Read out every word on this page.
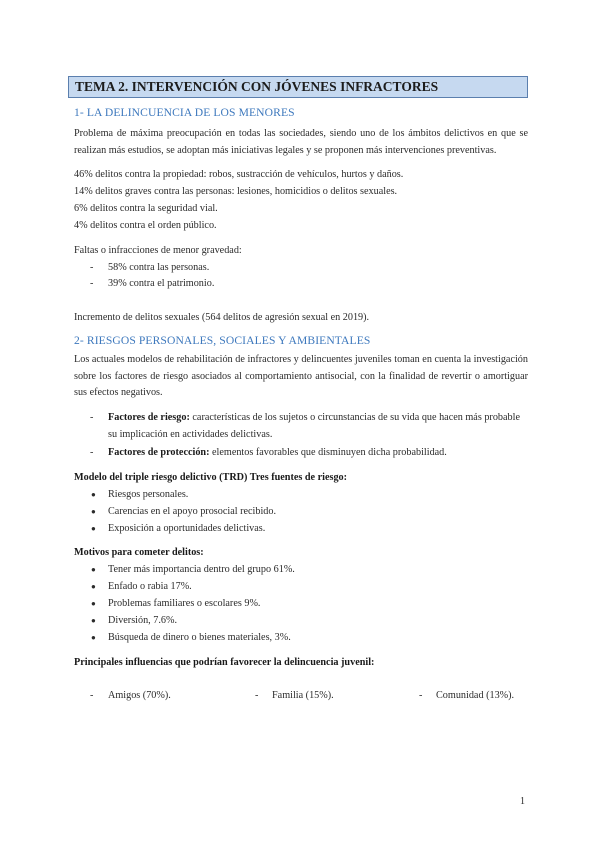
TEMA 2. INTERVENCIÓN CON JÓVENES INFRACTORES
1- LA DELINCUENCIA DE LOS MENORES
Problema de máxima preocupación en todas las sociedades, siendo uno de los ámbitos delictivos en que se realizan más estudios, se adoptan más iniciativas legales y se proponen más intervenciones preventivas.
46% delitos contra la propiedad: robos, sustracción de vehículos, hurtos y daños.
14% delitos graves contra las personas: lesiones, homicidios o delitos sexuales.
6% delitos contra la seguridad vial.
4% delitos contra el orden público.
Faltas o infracciones de menor gravedad:
- 58% contra las personas.
- 39% contra el patrimonio.
Incremento de delitos sexuales (564 delitos de agresión sexual en 2019).
2- RIESGOS PERSONALES, SOCIALES Y AMBIENTALES
Los actuales modelos de rehabilitación de infractores y delincuentes juveniles toman en cuenta la investigación sobre los factores de riesgo asociados al comportamiento antisocial, con la finalidad de revertir o amortiguar sus efectos negativos.
- Factores de riesgo: características de los sujetos o circunstancias de su vida que hacen más probable su implicación en actividades delictivas.
- Factores de protección: elementos favorables que disminuyen dicha probabilidad.
Modelo del triple riesgo delictivo (TRD) Tres fuentes de riesgo:
● Riesgos personales.
● Carencias en el apoyo prosocial recibido.
● Exposición a oportunidades delictivas.
Motivos para cometer delitos:
● Tener más importancia dentro del grupo 61%.
● Enfado o rabia 17%.
● Problemas familiares o escolares 9%.
● Diversión, 7.6%.
● Búsqueda de dinero o bienes materiales, 3%.
Principales influencias que podrían favorecer la delincuencia juvenil:
- Amigos (70%).	- Familia (15%).	- Comunidad (13%).
1
